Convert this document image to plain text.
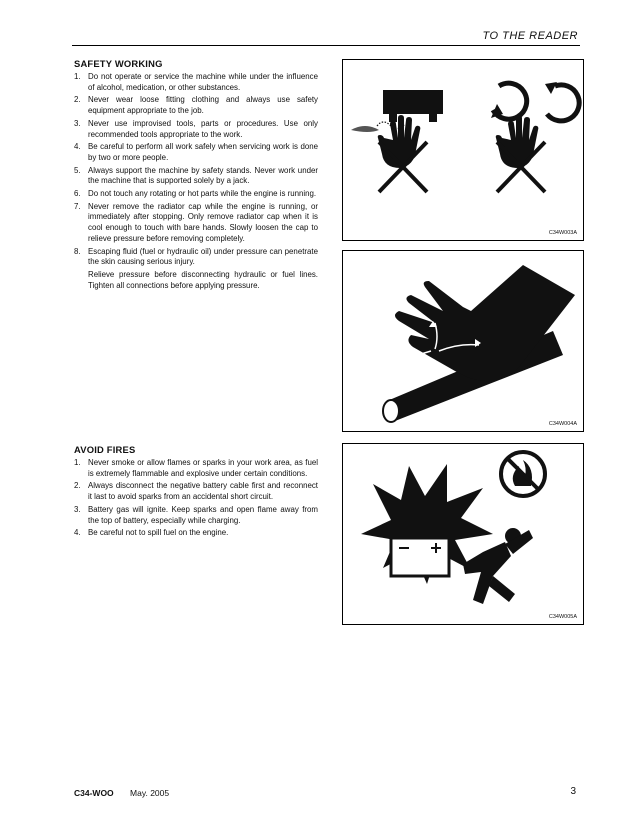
TO THE READER
SAFETY WORKING
1. Do not operate or service the machine while under the influence of alcohol, medication, or other substances.
2. Never wear loose fitting clothing and always use safety equipment appropriate to the job.
3. Never use improvised tools, parts or procedures. Use only recommended tools appropriate to the work.
4. Be careful to perform all work safely when servicing work is done by two or more people.
5. Always support the machine by safety stands. Never work under the machine that is supported solely by a jack.
6. Do not touch any rotating or hot parts while the engine is running.
7. Never remove the radiator cap while the engine is running, or immediately after stopping. Only remove radiator cap when it is cool enough to touch with bare hands. Slowly loosen the cap to relieve pressure before removing completely.
8. Escaping fluid (fuel or hydraulic oil) under pressure can penetrate the skin causing serious injury.
Relieve pressure before disconnecting hydraulic or fuel lines. Tighten all connections before applying pressure.
AVOID FIRES
1. Never smoke or allow flames or sparks in your work area, as fuel is extremely flammable and explosive under certain conditions.
2. Always disconnect the negative battery cable first and reconnect it last to avoid sparks from an accidental short circuit.
3. Battery gas will ignite. Keep sparks and open flame away from the top of battery, especially while charging.
4. Be careful not to spill fuel on the engine.
C34W003A
C34W004A
C34W005A
C34-WOO May. 2005	3
